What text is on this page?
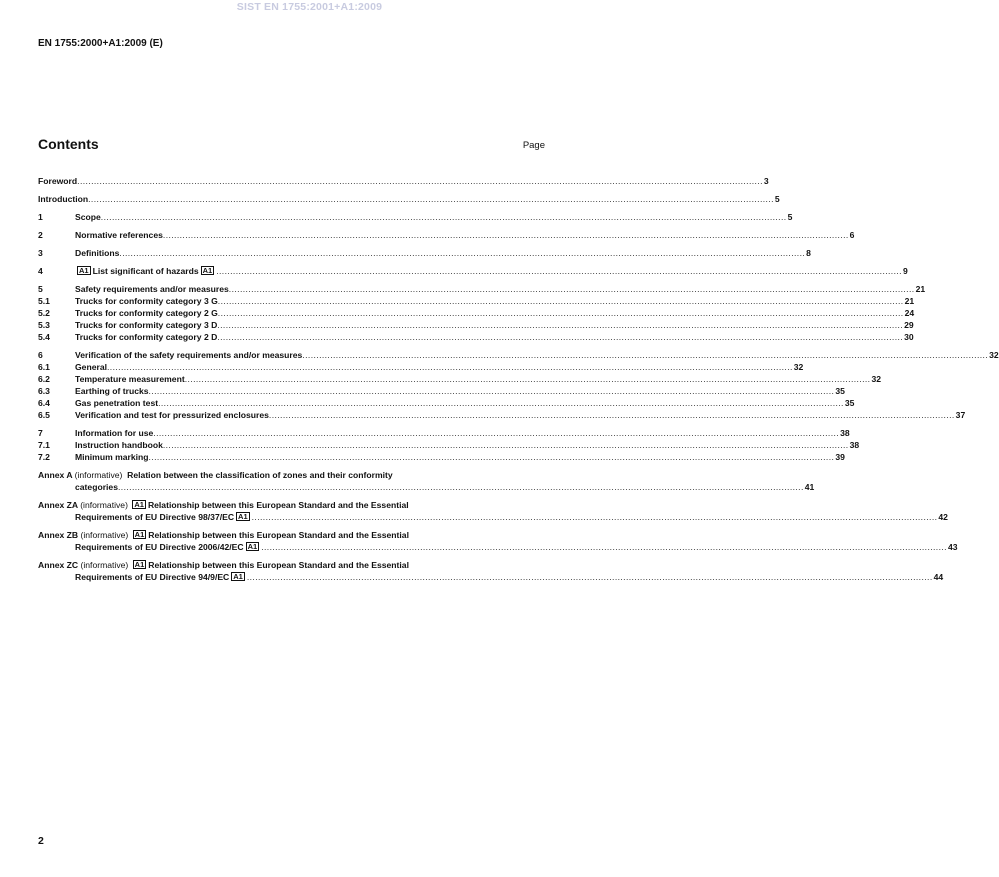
SIST EN 1755:2001+A1:2009
EN 1755:2000+A1:2009 (E)
Contents	Page
Foreword .....	3
Introduction .....	5
1	Scope .....	5
2	Normative references .....	6
3	Definitions .....	8
4	A1 List significant of hazards A1 .....	9
5	Safety requirements and/or measures .....	21
5.1	Trucks for conformity category 3 G .....	21
5.2	Trucks for conformity category 2 G .....	24
5.3	Trucks for conformity category 3 D .....	29
5.4	Trucks for conformity category 2 D .....	30
6	Verification of the safety requirements and/or measures .....	32
6.1	General .....	32
6.2	Temperature measurement .....	32
6.3	Earthing of trucks .....	35
6.4	Gas penetration test .....	35
6.5	Verification and test for pressurized enclosures .....	37
7	Information for use .....	38
7.1	Instruction handbook .....	38
7.2	Minimum marking .....	39
Annex A (informative) Relation between the classification of zones and their conformity
categories .....	41
Annex ZA (informative) A1 Relationship between this European Standard and the Essential
Requirements of EU Directive 98/37/EC A1 .....	42
Annex ZB (informative) A1 Relationship between this European Standard and the Essential
Requirements of EU Directive 2006/42/EC A1 .....	43
Annex ZC (informative) A1 Relationship between this European Standard and the Essential
Requirements of EU Directive 94/9/EC A1 .....	44
2
